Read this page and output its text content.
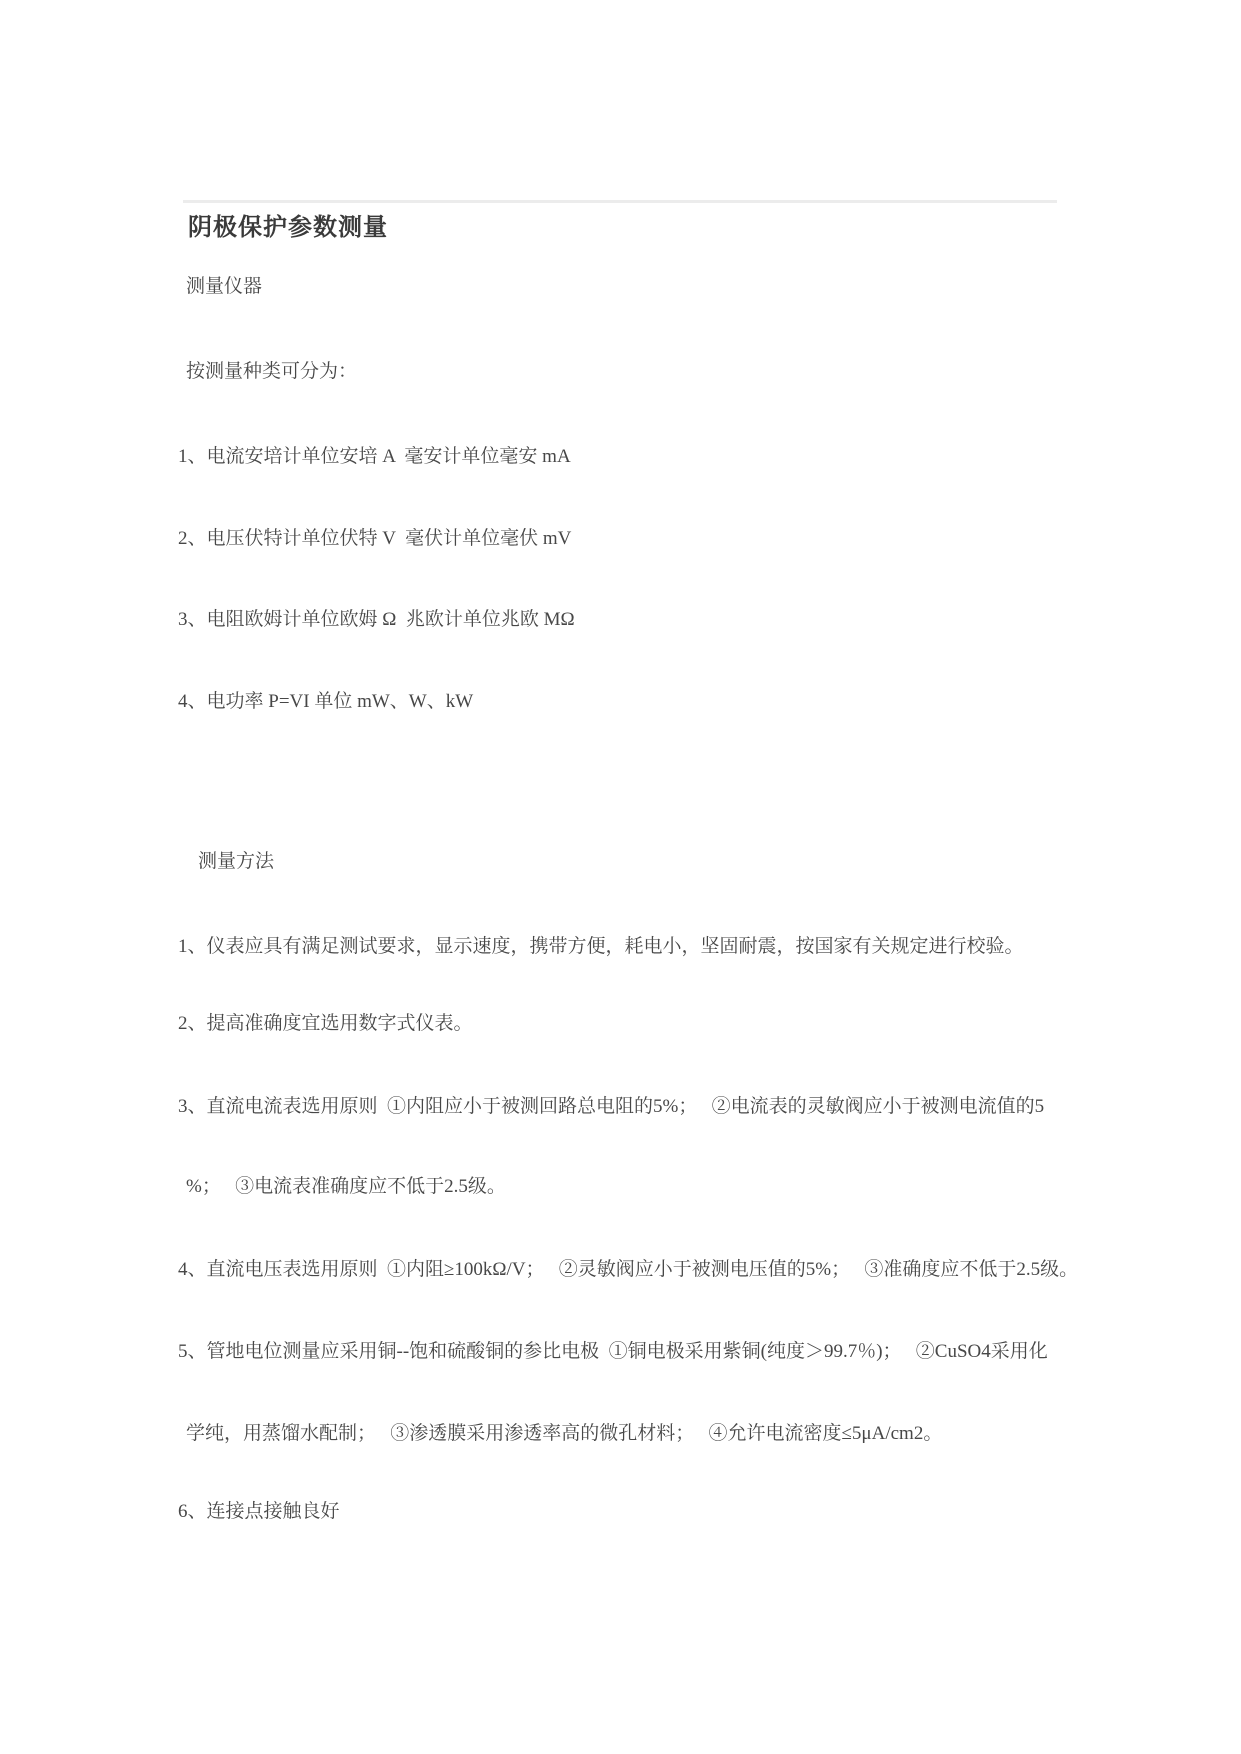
阴极保护参数测量
测量仪器
按测量种类可分为：
1、电流安培计单位安培 A  毫安计单位毫安 mA
2、电压伏特计单位伏特 V  毫伏计单位毫伏 mV
3、电阻欧姆计单位欧姆 Ω  兆欧计单位兆欧 MΩ
4、电功率 P=VI 单位 mW、W、kW
测量方法
1、仪表应具有满足测试要求，显示速度，携带方便，耗电小，坚固耐震，按国家有关规定进行校验。
2、提高准确度宜选用数字式仪表。
3、直流电流表选用原则  ①内阻应小于被测回路总电阻的5%；   ②电流表的灵敏阀应小于被测电流值的5
%；   ③电流表准确度应不低于2.5级。
4、直流电压表选用原则  ①内阻≥100kΩ/V；   ②灵敏阀应小于被测电压值的5%；   ③准确度应不低于2.5级。
5、管地电位测量应采用铜--饱和硫酸铜的参比电极  ①铜电极采用紫铜(纯度＞99.7％)；   ②CuSO4采用化
学纯，用蒸馏水配制；   ③渗透膜采用渗透率高的微孔材料；   ④允许电流密度≤5μA/cm2。
6、连接点接触良好
